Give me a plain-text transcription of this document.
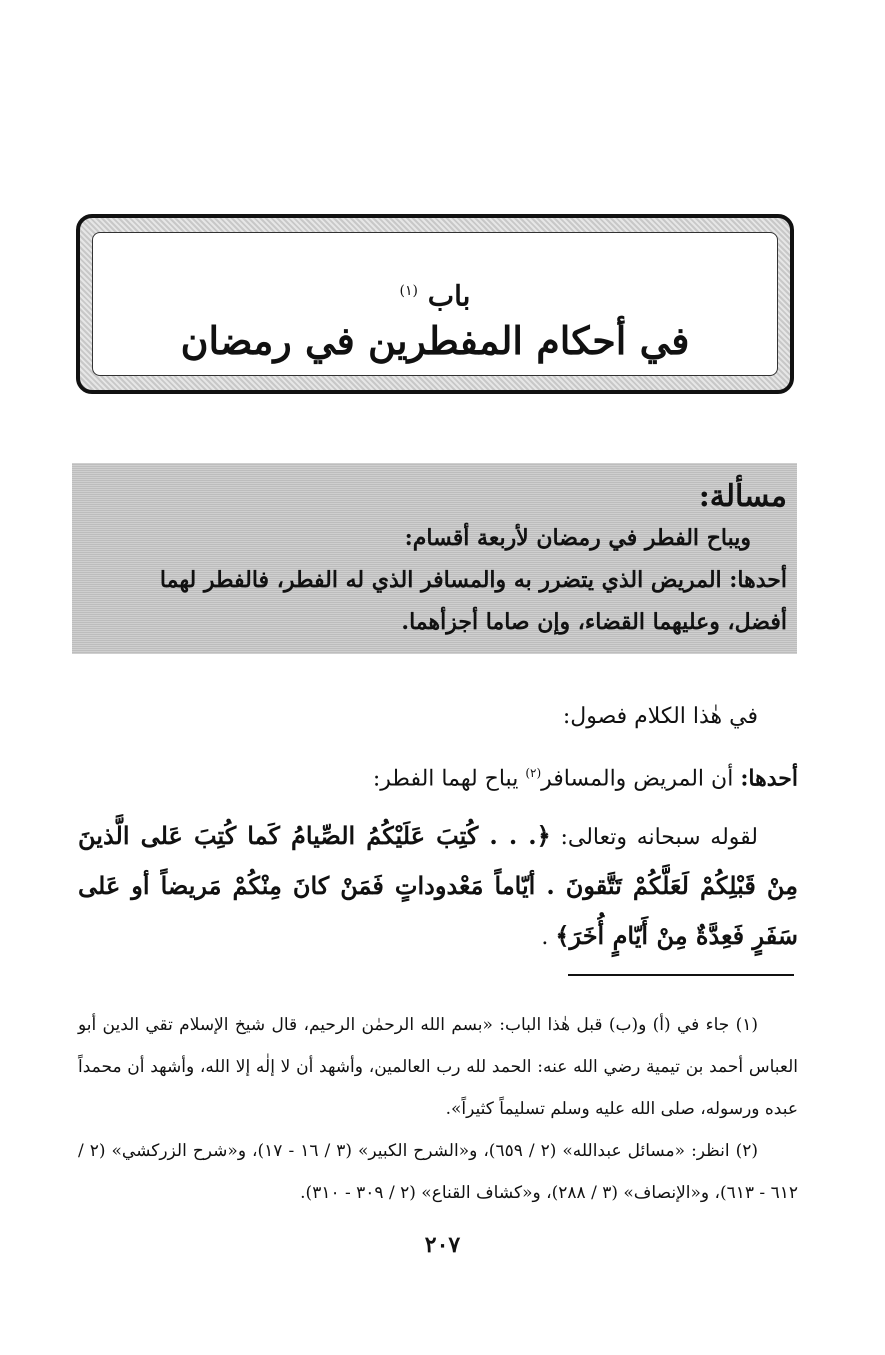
باب $^{(١)}$
في أحكام المفطرين في رمضان
مسألة:
ويباح الفطر في رمضان لأربعة أقسام:
أحدها: المريض الذي يتضرر به والمسافر الذي له الفطر، فالفطر لهما
أفضل، وعليهما القضاء، وإن صاما أجزأهما.

في هٰذا الكلام فصول:

أحدها: أن المريض والمسافر$^{(٢)}$ يباح لهما الفطر:

لقوله سبحانه وتعالى: ﴿. . . كُتِبَ عَلَيْكُمُ الصِّيامُ كَما كُتِبَ عَلى الَّذينَ مِنْ قَبْلِكُمْ لَعَلَّكُمْ تَتَّقونَ . أيّاماً مَعْدوداتٍ فَمَنْ كانَ مِنْكُمْ مَريضاً أو عَلى سَفَرٍ فَعِدَّةٌ مِنْ أَيّامٍ أُخَرَ﴾ .

(١) جاء في (أ) و(ب) قبل هٰذا الباب: «بسم الله الرحمٰن الرحيم، قال شيخ الإسلام تقي الدين أبو العباس أحمد بن تيمية رضي الله عنه: الحمد لله رب العالمين، وأشهد أن لا إلٰه إلا الله، وأشهد أن محمداً عبده ورسوله، صلى الله عليه وسلم تسليماً كثيراً».

(٢) انظر: «مسائل عبدالله» (٢ / ٦٥٩)، و«الشرح الكبير» (٣ / ١٦ - ١٧)، و«شرح الزركشي» (٢ / ٦١٢ - ٦١٣)، و«الإنصاف» (٣ / ٢٨٨)، و«كشاف القناع» (٢ / ٣٠٩ - ٣١٠).

٢٠٧
